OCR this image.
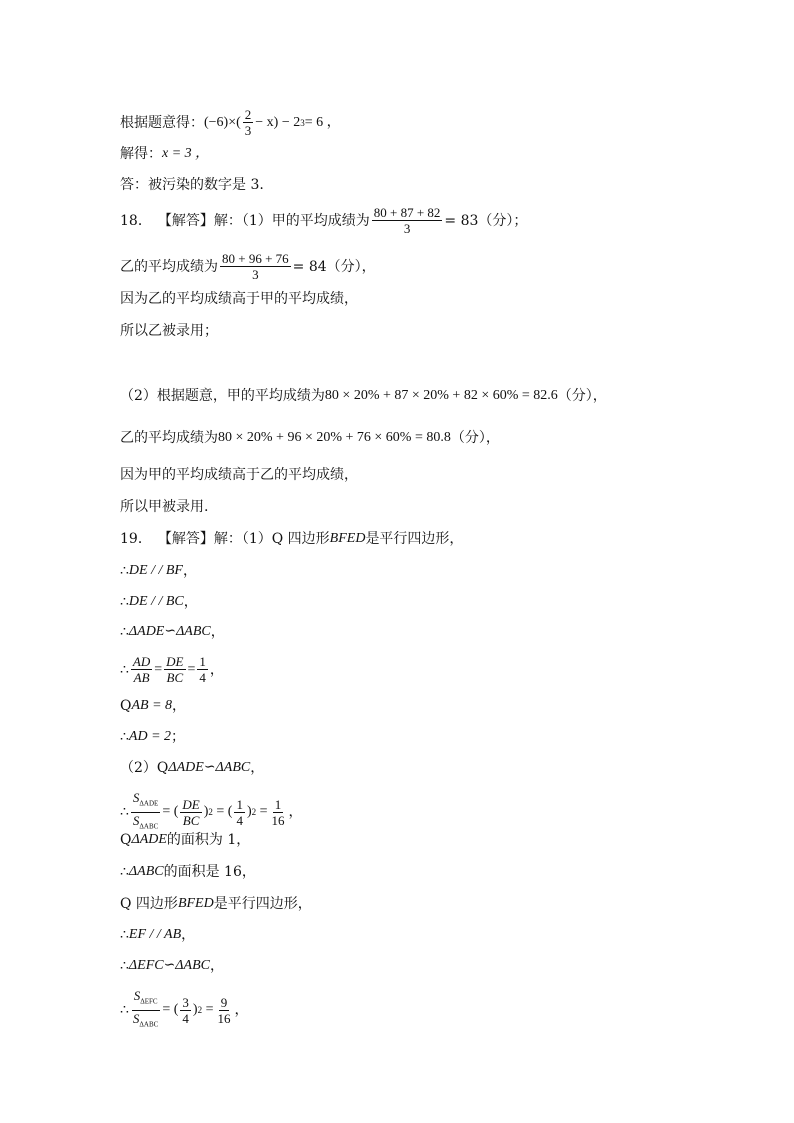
根据题意得： $(-6)\times( \frac{2}{3} - x) - 2$ 3 = 6 ，
解得： x = 3 ，
答：被污染的数字是 3.
18． 【解答】 解：（1）甲的平均成绩为 $\frac{80 + 87 + 82}{3} = 83$（分）；
乙的平均成绩为 $\frac{80 + 96 + 76}{3} = 84$（分），
因为乙的平均成绩高于甲的平均成绩，
所以乙被录用；
（2）根据题意，甲的平均成绩为 80 × 20% + 87 × 20% + 82 × 60% = 82.6 （分），
乙的平均成绩为 80 × 20% + 96 × 20% + 76 × 60% = 80.8 （分），
因为甲的平均成绩高于乙的平均成绩，
所以甲被录用.
19． 【解答】 解：（1）Q 四边形 BFED 是平行四边形，
∴ DE / / BF ，
∴ DE / / BC ，
∴ ΔADE∽ΔABC ，
∴ $\frac{AD}{AB} = \frac{DE}{BC} = \frac{1}{4}$ ，
Q AB = 8 ，
∴ AD = 2 ；
（2）Q ΔADE∽ΔABC ，
∴ $\frac{S_{\Delta ADE}}{S_{\Delta ABC}}$ = ( $\frac{DE}{BC}$ ) 2 = ( $\frac{1}{4}$ ) $2 = \frac{1}{16}$ ，
Q ΔADE 的面积为 1，
∴ ΔABC 的面积是 16，
Q 四边形 BFED 是平行四边形，
∴ EF / / AB ，
∴ ΔEFC∽ΔABC ，
∴ $\frac{S_{\Delta EFC}}{S_{\Delta ABC}}$ = ( $\frac{3}{4}$ ) $2 = \frac{9}{16}$ ，
